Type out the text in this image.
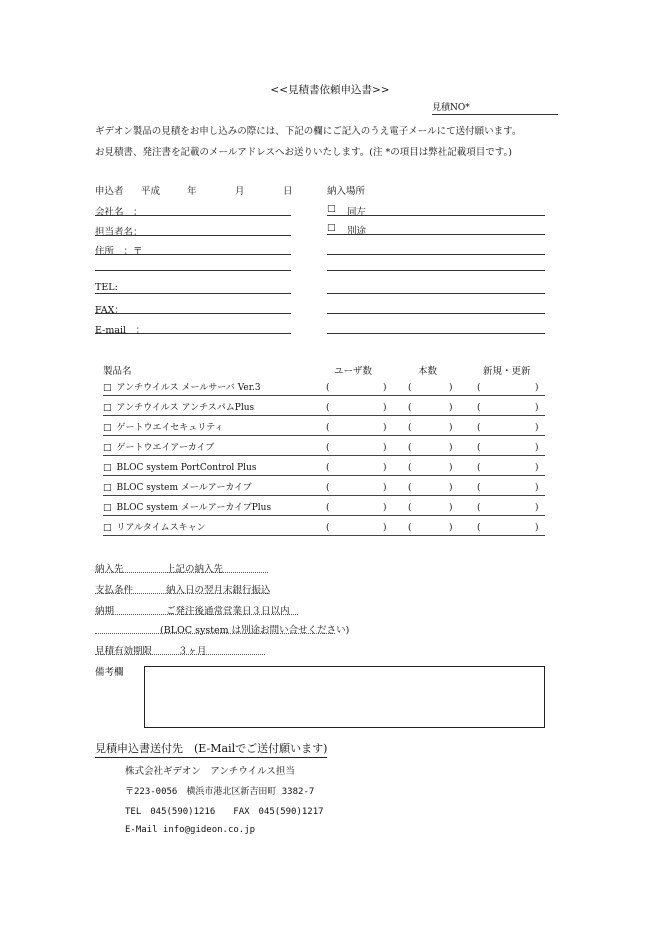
<<見積書依頼申込書>>
見積NO*
ギデオン製品の見積をお申し込みの際には、下記の欄にご記入のうえ電子メールにて送付願います。
お見積書、発注書を記載のメールアドレスへお送りいたします。(注 *の項目は弊社記載項目です。)
申込者 平成	年	月	日
会社名　：
担当者名：
住所　：〒
TEL:
FAX：
E-mail　：
納入場所
□ 同左
□ 別途
製品名	ユーザ数	本数	新規・更新
□ アンチウイルス メールサーバ Ver.3	(	) (	)	(	)
□ アンチウイルス アンチスパムPlus	(	) (	)	(	)
□ ゲートウエイセキュリティ	(	) (	)	(	)
□ ゲートウエイアーカイブ	(	) (	)	(	)
□ BLOC system PortControl Plus	(	) (	)	(	)
□ BLOC system メールアーカイブ	(	) (	)	(	)
□ BLOC system メールアーカイブPlus	(	) (	)	(	)
□ リアルタイムスキャン	(	) (	)	(	)
納入先	上記の納入先
支払条件	納入日の翌月末銀行振込
納期	ご発注後通常営業日３日以内
(BLOC system は別途お問い合せください)
見積有効期限	３ヶ月
備考欄
見積申込書送付先　(E-Mailでご送付願います)
株式会社ギデオン　アンチウイルス担当
〒223-0056　横浜市港北区新吉田町 3382-7
TEL　045(590)1216　　FAX　045(590)1217
E-Mail info@gideon.co.jp
